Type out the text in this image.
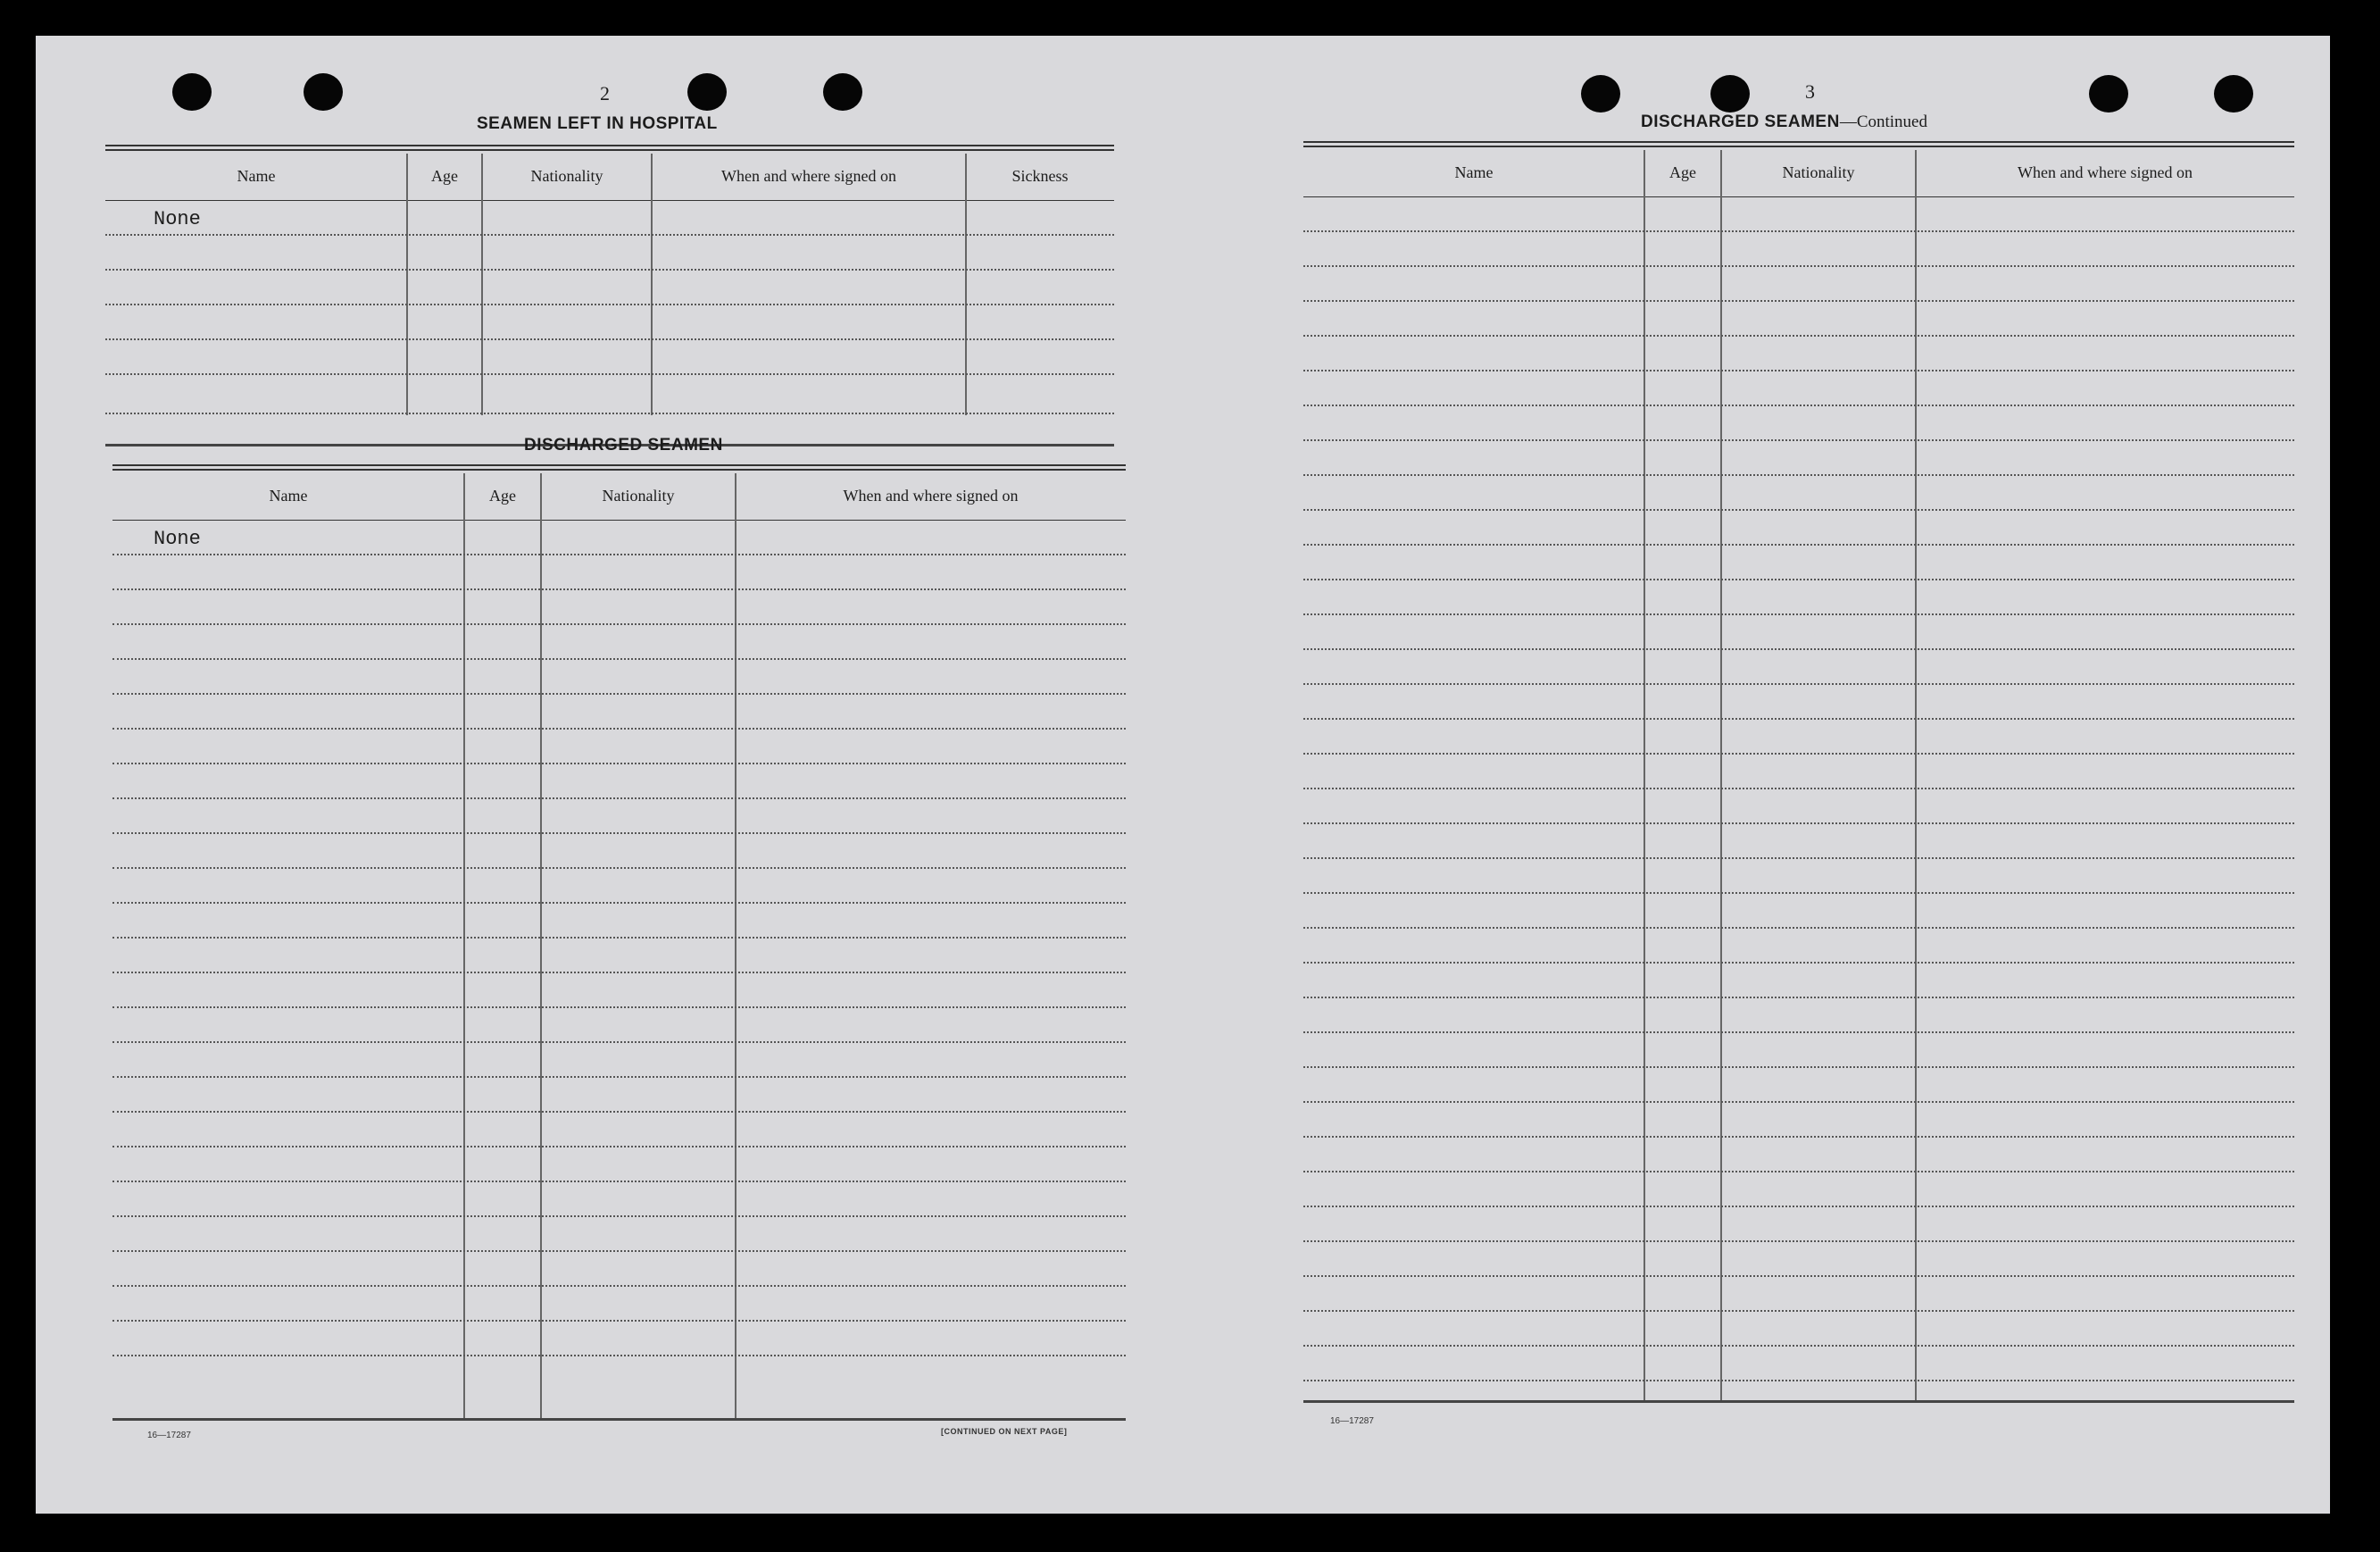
2
SEAMEN LEFT IN HOSPITAL
Name	Age	Nationality	When and where signed on	Sickness
None
DISCHARGED SEAMEN
Name	Age	Nationality	When and where signed on
None
16—17287	[CONTINUED ON NEXT PAGE]
3
DISCHARGED SEAMEN—Continued
Name	Age	Nationality	When and where signed on
16—17287
